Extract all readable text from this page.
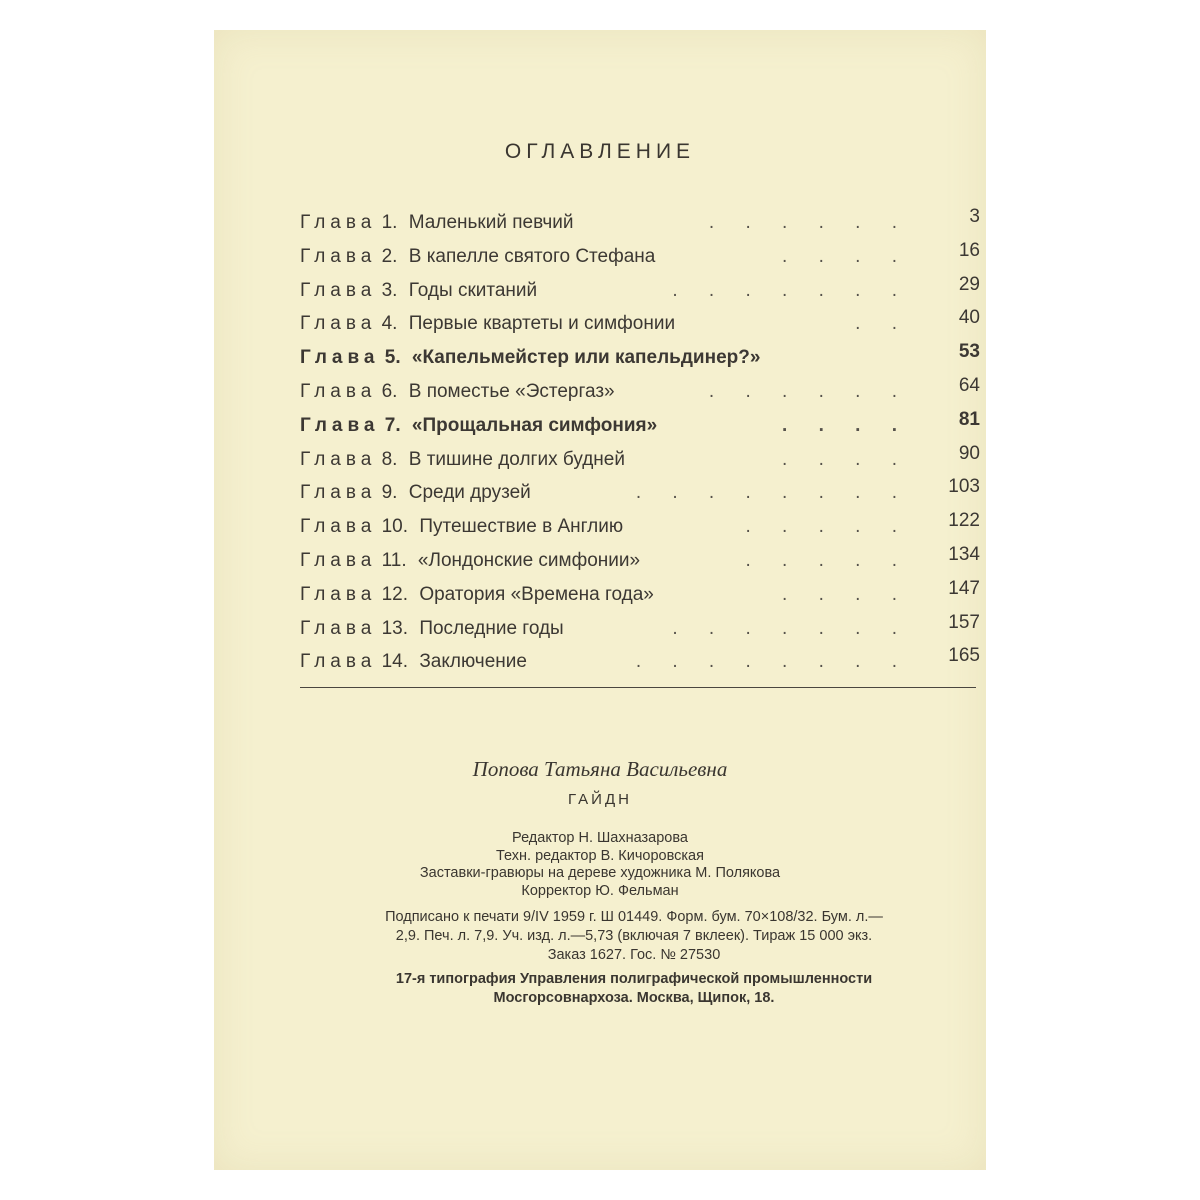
ОГЛАВЛЕНИЕ
Глава 1. Маленький певчий	. . . . . .	3
Глава 2. В капелле святого Стефана	. . . .	16
Глава 3. Годы скитаний	. . . . . . .	29
Глава 4. Первые квартеты и симфонии	. .	40
Глава 5. «Капельмейстер или капельдинер?»	53
Глава 6. В поместье «Эстергаз»	. . . . . .	64
Глава 7. «Прощальная симфония»	. . . .	81
Глава 8. В тишине долгих будней	. . . .	90
Глава 9. Среди друзей	. . . . . . . . 103
Глава 10. Путешествие в Англию	. . . . . 122
Глава 11. «Лондонские симфонии»	. . . . . 134
Глава 12. Оратория «Времена года»	. . . . 147
Глава 13. Последние годы	. . . . . . . 157
Глава 14. Заключение	. . . . . . . . 165
Попова Татьяна Васильевна
ГАЙДН
Редактор Н. Шахназарова
Техн. редактор В. Кичоровская
Заставки-гравюры на дереве художника М. Полякова
Корректор Ю. Фельман
Подписано к печати 9/IV 1959 г. Ш 01449. Форм. бум. 70×108/32. Бум. л.—
2,9. Печ. л. 7,9. Уч. изд. л.—5,73 (включая 7 вклеек). Тираж 15 000 экз.
Заказ 1627. Гос. № 27530
17-я типография Управления полиграфической промышленности
Мосгорсовнархоза. Москва, Щипок, 18.
